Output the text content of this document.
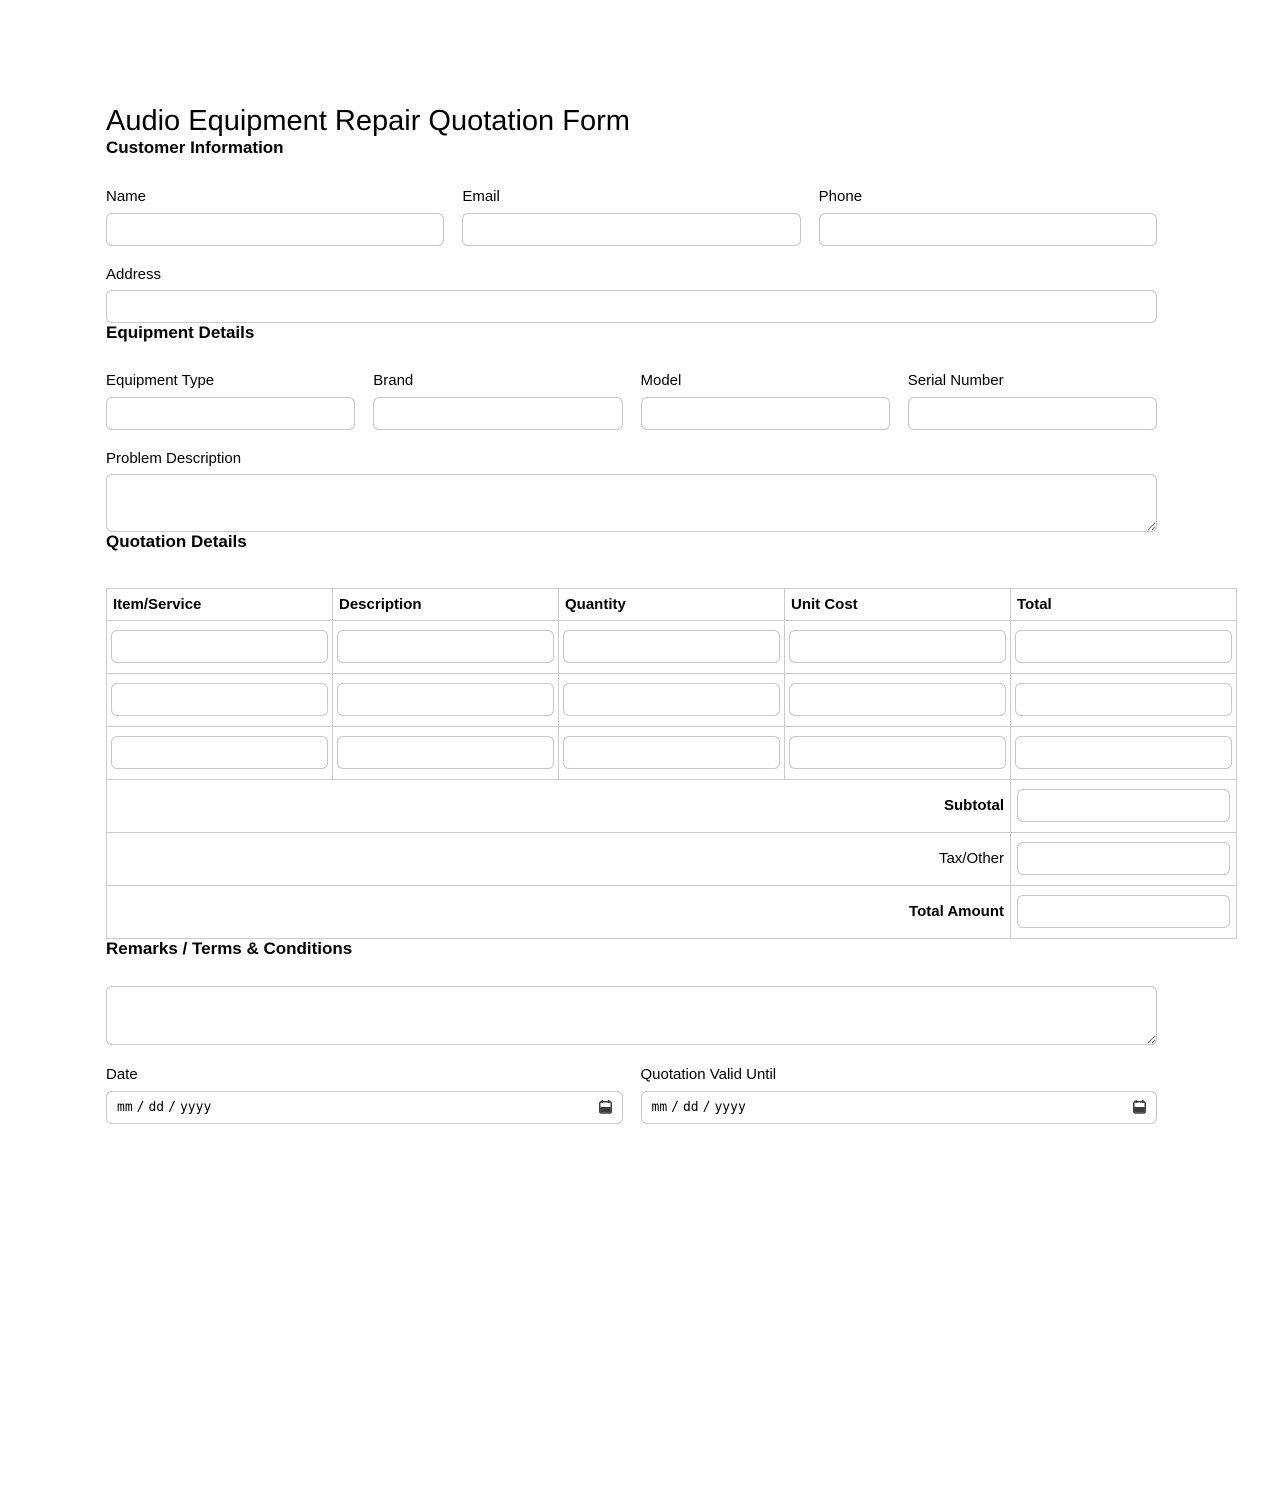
Audio Equipment Repair Quotation Form
Customer Information
Name	Email	Phone
Address
Equipment Details
Equipment Type	Brand	Model	Serial Number
Problem Description
Quotation Details
Item/Service	Description	Quantity	Unit Cost	Total

Subtotal	

Tax/Other	

Total Amount	
Remarks / Terms & Conditions
Date
mm / dd / yyyy
Quotation Valid Until
mm / dd / yyyy
